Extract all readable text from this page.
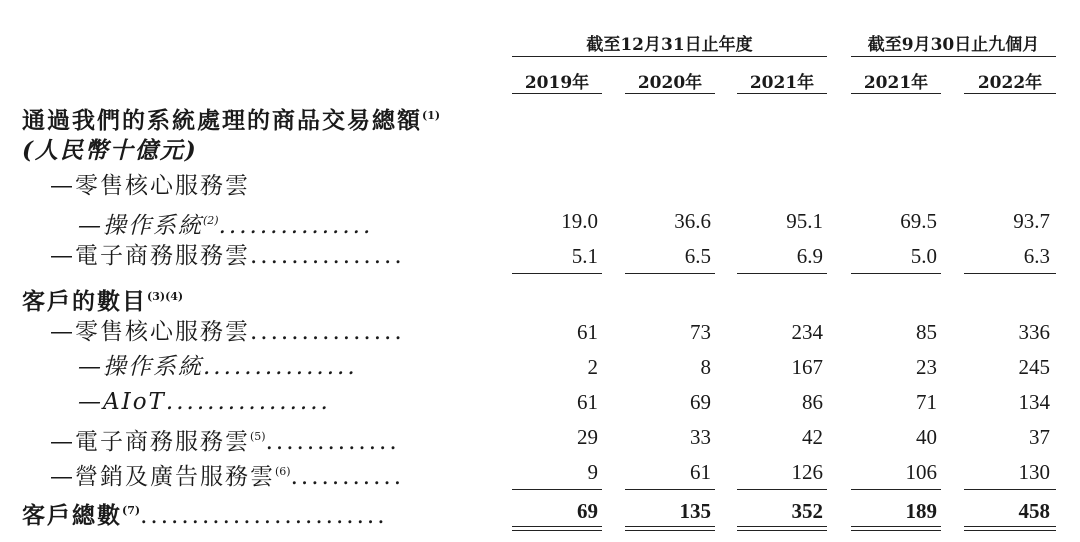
截至12月31日止年度	截至9月30日止九個月
2019年	2020年	2021年	2021年	2022年
通過我們的系統處理的商品交易總額$^{(1)}$
(人民幣十億元)
—零售核心服務雲
—操作系統$^{(2)}$...............	19.0	36.6	95.1	69.5	93.7
—電子商務服務雲...............	5.1	6.5	6.9	5.0	6.3
客戶的數目$^{(3)(4)}$
—零售核心服務雲...............	61	73	234	85	336
—操作系統...............	2	8	167	23	245
—AIoT................	61	69	86	71	134
—電子商務服務雲$^{(5)}$.............	29	33	42	40	37
—營銷及廣告服務雲$^{(6)}$...........	9	61	126	106	130
客戶總數$^{(7)}$........................	69	135	352	189	458
